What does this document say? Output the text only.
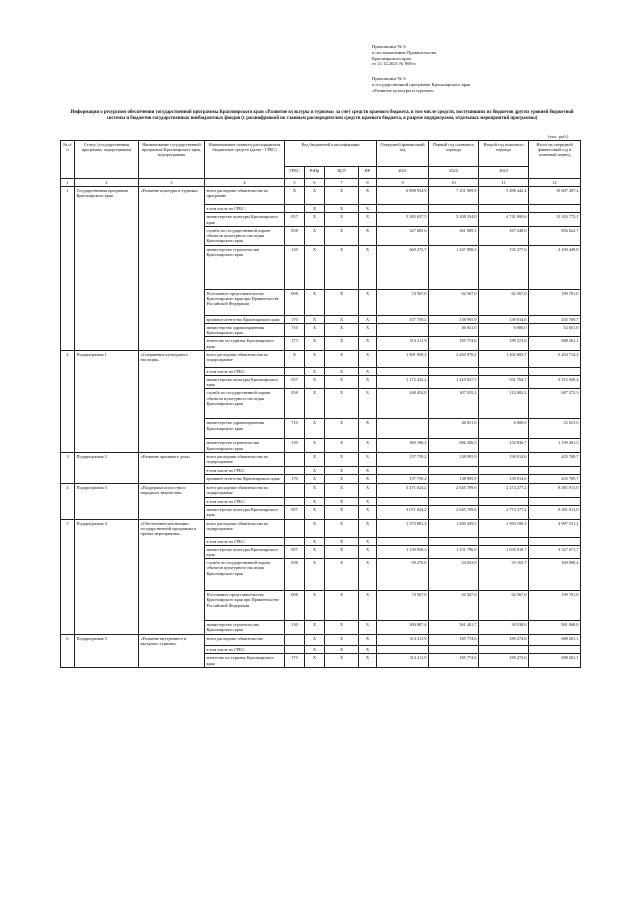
Приложение № 6
к постановлению Правительства
Красноярского края
от 21.12.2021 № 908-п
Приложение № 6
к государственной программе Красноярского края
«Развитие культуры и туризма»
Информация о ресурсном обеспечении государственной программы Красноярского края «Развитие культуры и туризма» за счет средств краевого бюджета, в том числе средств, поступивших из бюджетов других уровней бюджетной системы и бюджетов государственных внебюджетных фондов (с расшифровкой по главным распорядителям средств краевого бюджета, в разрезе подпрограмм, отдельных мероприятий программы)
(тыс. руб.)
№ п/п	Статус (государственная программа, подпрограмма)	Наименование государственной программы Красноярского края, подпрограммы	Наименование главного распорядителя бюджетных средств (далее - ГРБС)	Код бюджетной классификации				Очередной финансовый год	Первый год планового периода	Второй год планового периода	Итого на очередной финансовый год и плановый период
				ГРБС	РзПр	ЦСР	ВР	2021	2022	2023	
1	2	3	4	5	6	7	8	9	10	11	12
1	Государственная программа Красноярского края	«Развитие культуры и туризма»	всего расходные обязательства по программе	X	X	X	X	6 898 934,9	7 251 909,9	5 498 442,4	19 607 287,2
			в том числе по ГРБС:		X	X	X				
			министерство культуры Красноярского края	057	X	X	X	5 383 637,5	5 208 334,0	4 741 900,6	15 333 772,1
			служба по государственной охране объектов культурного наследия Красноярского края	058	X	X	X	327 685,6	361 689,1	167 248,0	856 622,7
			министерство строительства Красноярского края	130	X	X	X	660 273,7	1 247 898,5	192 277,6	2 100 449,8
			Постоянное представительство Красноярского края при Правительстве Российской Федерации	008	X	X	X	74 567,0	62 567,0	62 567,0	199 701,0
			архивное агентство Красноярского края	170	X	X	X	157 759,2	138 995,9	139 014,6	435 769,7
			министерство здравоохранения Красноярского края	710	X	X	X		46 651,0	6 000,0	52 651,0
			агентство по туризму Красноярского края	173	X	X	X	313 211,9	185 774,6	189 274,6	688 261,1
2	Подпрограмма 1	«Сохранение культурного наследия»	всего расходные обязательства по подпрограмме	X	X	X	X	1 801 058,3	2 450 970,2	1 202 683,7	5 454 714,3
			в том числе по ГРБС:		X	X	X				
			министерство культуры Красноярского края	057	X	X	X	1 172 432,2	1 410 827,5	931 764,7	3 515 049,4
			служба по государственной охране объектов культурного наследия Красноярского края	058	X	X	X	268 454,8	307 035,2	112 082,3	687 572,3
			министерство здравоохранения Красноярского края	710	X	X	X		46 651,0	6 000,0	52 651,0
			министерство строительства Красноярского края	130	X	X	X	360 186,3	686 456,5	152 836,7	1 199 481,5
3	Подпрограмма 2	«Развитие архивного дела»	всего расходные обязательства по подпрограмме		X	X	X	157 759,2	138 995,9	139 014,6	435 769,7
			в том числе по ГРБС:		X	X	X				
			архивное агентство Красноярского края	170	X	X	X	157 759,2	138 995,9	139 014,6	435 769,7
4	Подпрограмма 3	«Поддержка искусства и народного творчества»	всего расходные обязательства по подпрограмме		X	X	X	3 471 024,2	2 645 709,6	2 274 277,2	8 491 011,0
			в том числе по ГРБС:		X	X	X				
			министерство культуры Красноярского края	057	X	X	X	3 071 024,2	2 645 709,6	2 774 277,2	8 491 011,0
5	Подпрограмма 4	«Обеспечение реализации государственной программы и прочие мероприятия»	всего расходные обязательства по подпрограмме		X	X	X	1 573 881,3	1 830 459,5	1 593 190,3	4 997 531,1
			в том числе по ГРБС:		X	X	X				
			министерство культуры Красноярского края	057	X	X	X	1 139 936,3	1 151 796,9	1 035 918,7	3 327 671,7
			служба по государственной охране объектов культурного наследия Красноярского края	058	X	X	X	59 270,8	54 653,9	55 165,7	169 090,4
			Постоянное представительство Красноярского края при Правительстве Российской Федерации	008	X	X	X	74 567,0	62 567,0	62 567,0	199 701,0
			министерство строительства Красноярского края	130	X	X	X	300 087,4	561 441,7	39 538,9	901 068,0
6	Подпрограмма 5	«Развитие внутреннего и въездного туризма»	всего расходные обязательства		X	X	X	313 211,9	185 774,6	189 274,6	688 261,1
			в том числе по ГРБС:		X	X	X				
			агентство по туризму Красноярского края	173	X	X	X	313 211,9	185 774,6	189 274,6	688 261,1
